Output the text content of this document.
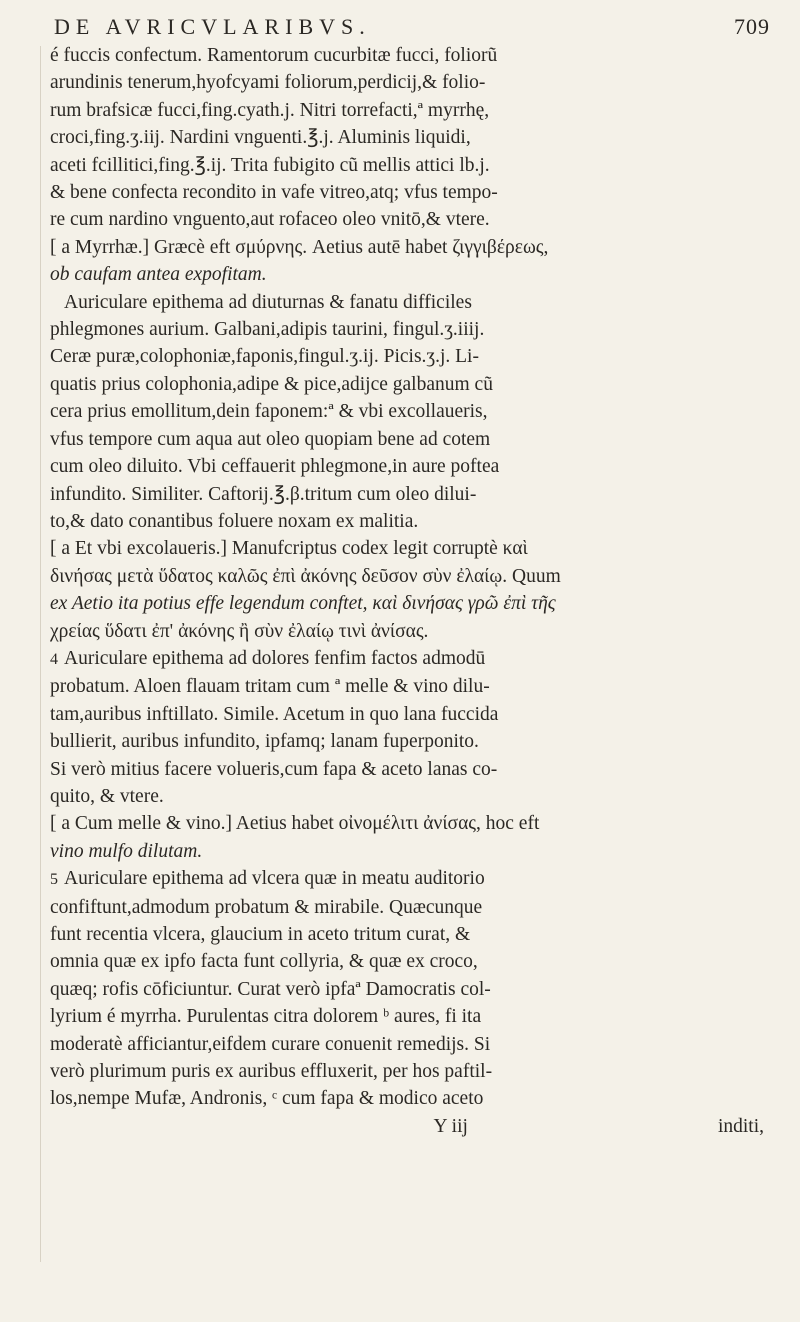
DE AVRICVLARIBVS.	709
é fuccis confectum. Ramentorum cucurbitæ fucci, foliorũ
arundinis tenerum,hyofcyami foliorum,perdicij,& folio-
rum brafsicæ fucci,fing.cyath.j. Nitri torrefacti,ª myrrhę,
croci,fing.ʒ.iij. Nardini vnguenti.℥.j. Aluminis liquidi,
aceti fcillitici,fing.℥.ij. Trita fubigito cũ mellis attici lb.j.
& bene confecta recondito in vafe vitreo,atq; vfus tempo-
re cum nardino vnguento,aut rofaceo oleo vnitō,& vtere.
[ a Myrrhæ.] Græcè eft σμύρνης. Aetius autē habet ζιγγιβέρεως,
ob caufam antea expofitam.
Auriculare epithema ad diuturnas & fanatu difficiles
phlegmones aurium. Galbani,adipis taurini, fingul.ʒ.iiij.
Ceræ puræ,colophoniæ,faponis,fingul.ʒ.ij. Picis.ʒ.j. Li-
quatis prius colophonia,adipe & pice,adijce galbanum cũ
cera prius emollitum,dein faponem:ª & vbi excollaueris,
vfus tempore cum aqua aut oleo quopiam bene ad cotem
cum oleo diluito. Vbi ceffauerit phlegmone,in aure poftea
infundito. Similiter. Caftorij.℥.β.tritum cum oleo dilui-
to,& dato conantibus foluere noxam ex malitia.
[ a Et vbi excolaueris.] Manufcriptus codex legit corruptè καὶ
δινήσας μετὰ ὕδατος καλῶς ἐπὶ ἀκόνης δεῦσον σὺν ἐλαίῳ. Quum
ex Aetio ita potius effe legendum conftet, καὶ δινήσας γρῶ ἐπὶ τῆς
χρείας ὕδατι ἐπ' ἀκόνης ἢ σὺν ἐλαίῳ τινὶ ἀνίσας.
4 Auriculare epithema ad dolores fenfim factos admodū
probatum. Aloen flauam tritam cum ª melle & vino dilu-
tam,auribus inftillato. Simile. Acetum in quo lana fuccida
bullierit, auribus infundito, ipfamq; lanam fuperponito.
Si verò mitius facere volueris,cum fapa & aceto lanas co-
quito, & vtere.
[ a Cum melle & vino.] Aetius habet οἰνομέλιτι ἀνίσας, hoc eft
vino mulfo dilutam.
5 Auriculare epithema ad vlcera quæ in meatu auditorio
confiftunt,admodum probatum & mirabile. Quæcunque
funt recentia vlcera, glaucium in aceto tritum curat, &
omnia quæ ex ipfo facta funt collyria, & quæ ex croco,
quæq; rofis cōficiuntur. Curat verò ipfaª Damocratis col-
lyrium é myrrha. Purulentas citra dolorem ᵇ aures, fi ita
moderatè afficiantur,eifdem curare conuenit remedijs. Si
verò plurimum puris ex auribus effluxerit, per hos paftil-
los,nempe Mufæ, Andronis, ᶜ cum fapa & modico aceto
Y iij	inditi,
